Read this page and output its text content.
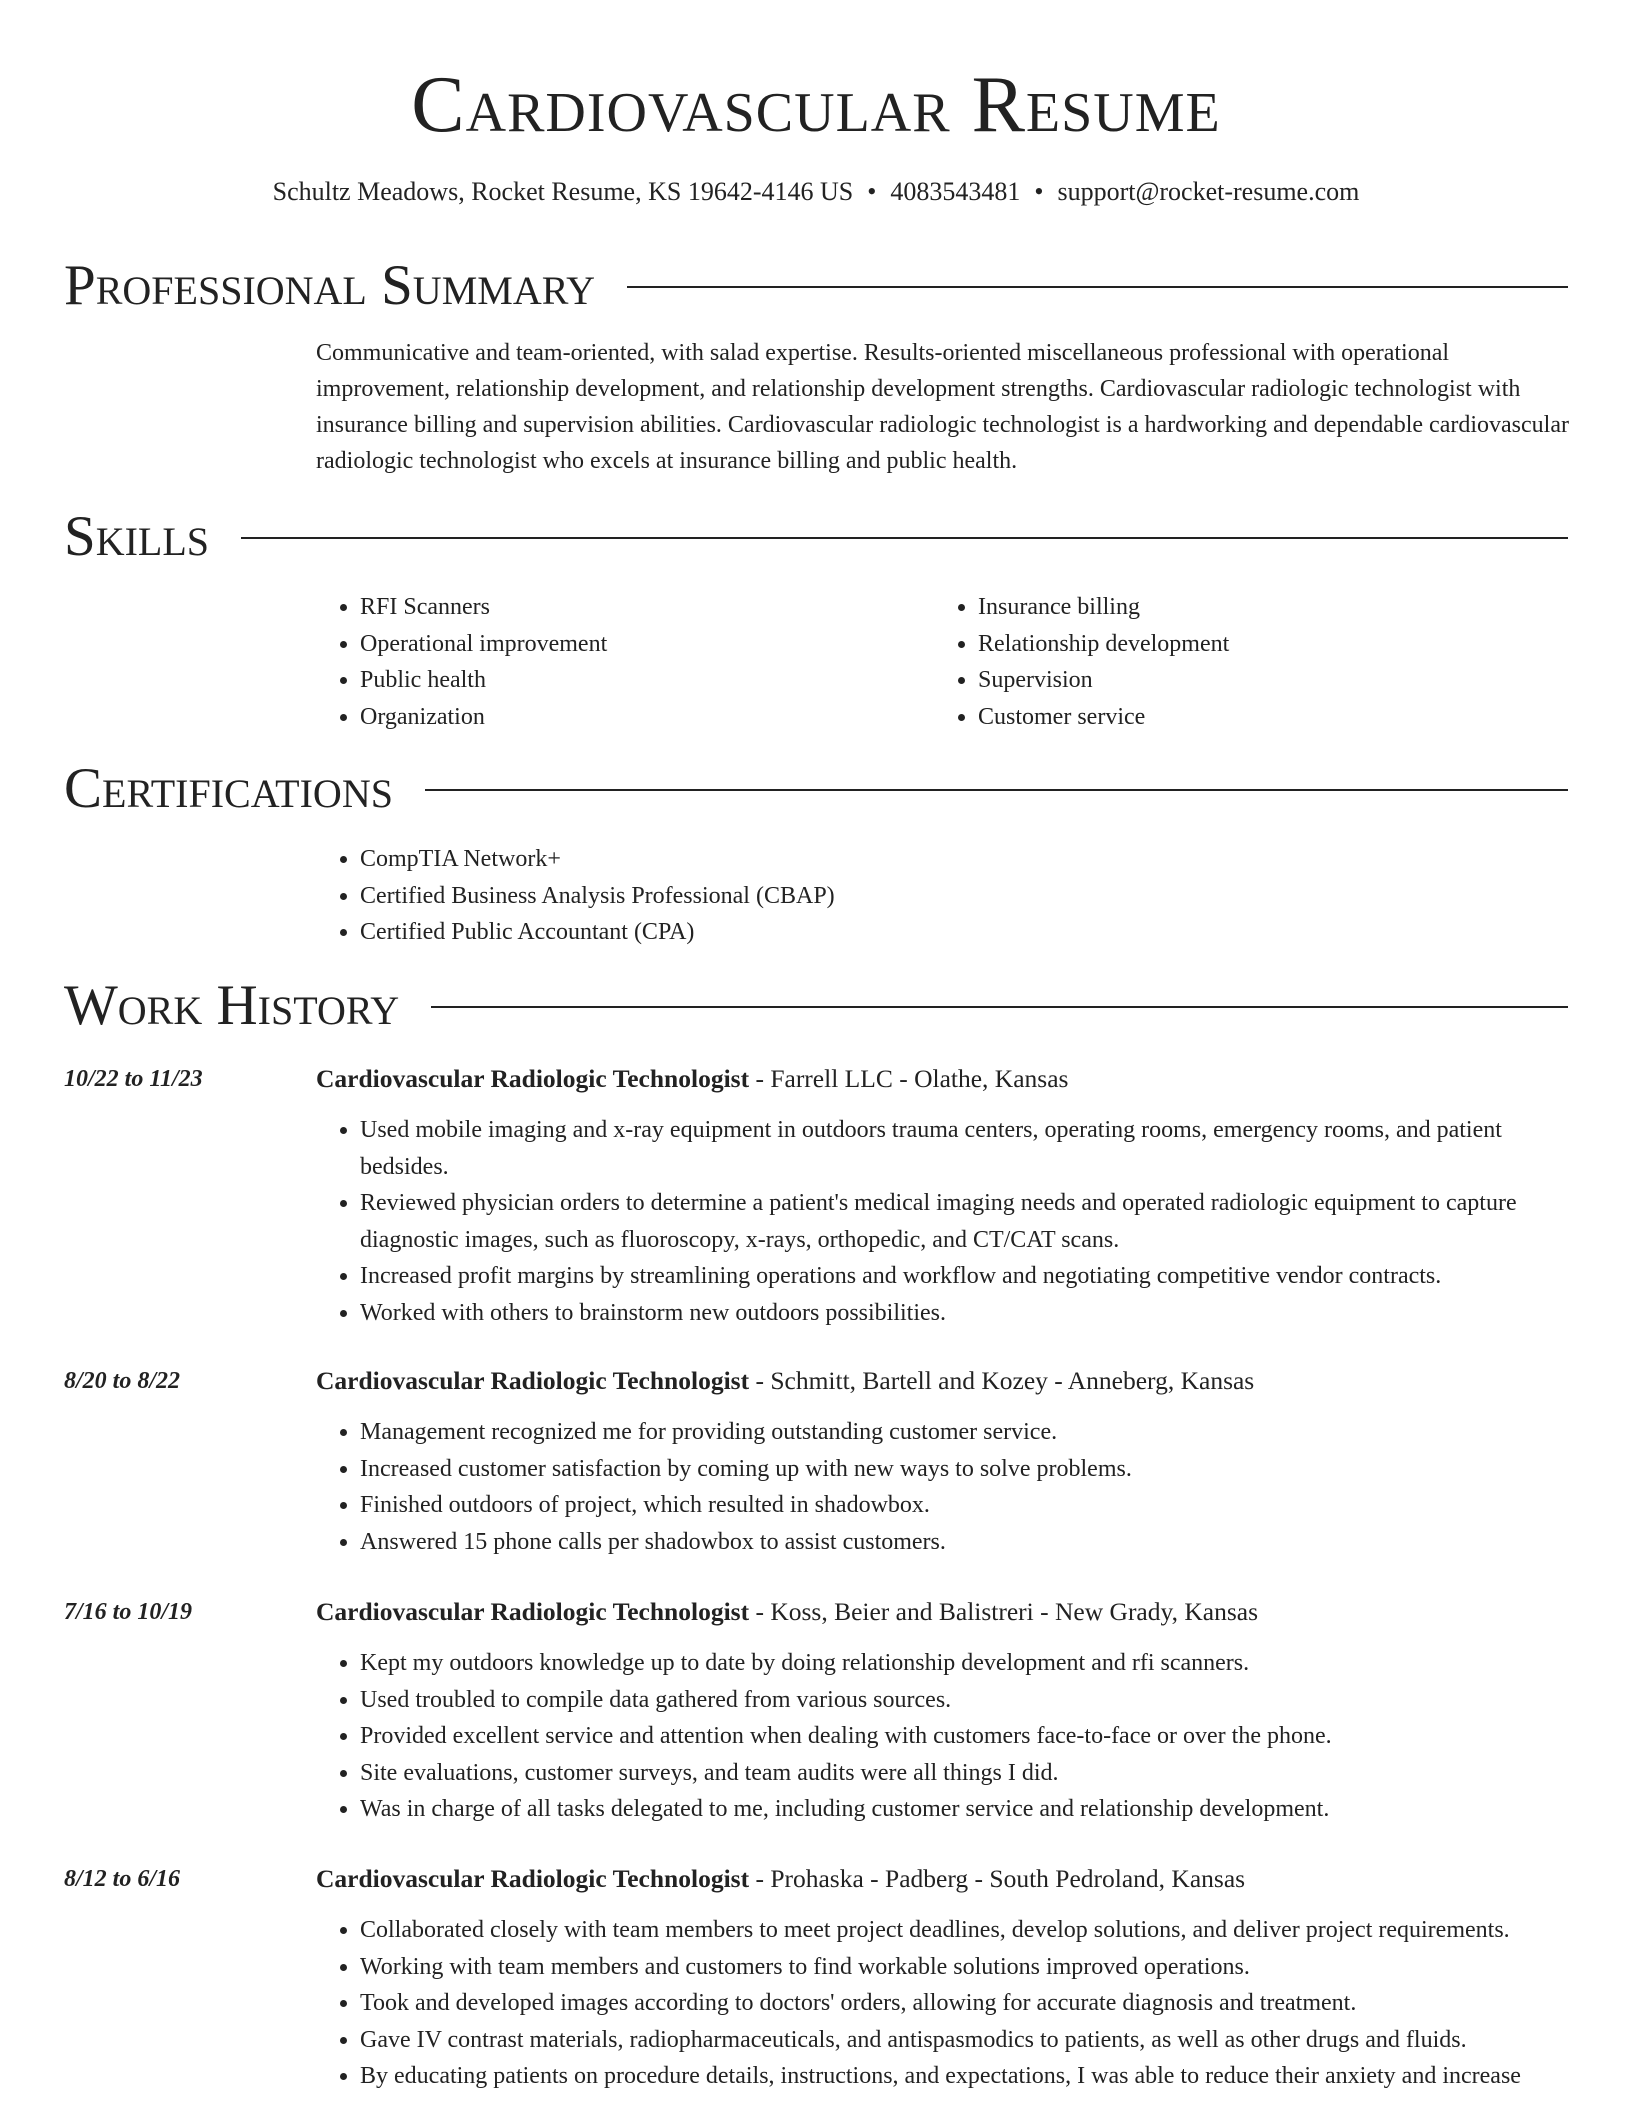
Cardiovascular Resume
Schultz Meadows, Rocket Resume, KS 19642-4146 US • 4083543481 • support@rocket-resume.com
Professional Summary

Communicative and team-oriented, with salad expertise. Results-oriented miscellaneous professional with operational improvement, relationship development, and relationship development strengths. Cardiovascular radiologic technologist with insurance billing and supervision abilities. Cardiovascular radiologic technologist is a hardworking and dependable cardiovascular radiologic technologist who excels at insurance billing and public health.

Skills
• RFI Scanners
• Operational improvement
• Public health
• Organization
• Insurance billing
• Relationship development
• Supervision
• Customer service
Certifications
• CompTIA Network+
• Certified Business Analysis Professional (CBAP)
• Certified Public Accountant (CPA)
Work History
10/22 to 11/23	Cardiovascular Radiologic Technologist - Farrell LLC - Olathe, Kansas
• Used mobile imaging and x-ray equipment in outdoors trauma centers, operating rooms, emergency rooms, and patient bedsides.
• Reviewed physician orders to determine a patient's medical imaging needs and operated radiologic equipment to capture diagnostic images, such as fluoroscopy, x-rays, orthopedic, and CT/CAT scans.
• Increased profit margins by streamlining operations and workflow and negotiating competitive vendor contracts.
• Worked with others to brainstorm new outdoors possibilities.
8/20 to 8/22	Cardiovascular Radiologic Technologist - Schmitt, Bartell and Kozey - Anneberg, Kansas
• Management recognized me for providing outstanding customer service.
• Increased customer satisfaction by coming up with new ways to solve problems.
• Finished outdoors of project, which resulted in shadowbox.
• Answered 15 phone calls per shadowbox to assist customers.
7/16 to 10/19	Cardiovascular Radiologic Technologist - Koss, Beier and Balistreri - New Grady, Kansas
• Kept my outdoors knowledge up to date by doing relationship development and rfi scanners.
• Used troubled to compile data gathered from various sources.
• Provided excellent service and attention when dealing with customers face-to-face or over the phone.
• Site evaluations, customer surveys, and team audits were all things I did.
• Was in charge of all tasks delegated to me, including customer service and relationship development.
8/12 to 6/16	Cardiovascular Radiologic Technologist - Prohaska - Padberg - South Pedroland, Kansas
• Collaborated closely with team members to meet project deadlines, develop solutions, and deliver project requirements.
• Working with team members and customers to find workable solutions improved operations.
• Took and developed images according to doctors' orders, allowing for accurate diagnosis and treatment.
• Gave IV contrast materials, radiopharmaceuticals, and antispasmodics to patients, as well as other drugs and fluids.
• By educating patients on procedure details, instructions, and expectations, I was able to reduce their anxiety and increase
